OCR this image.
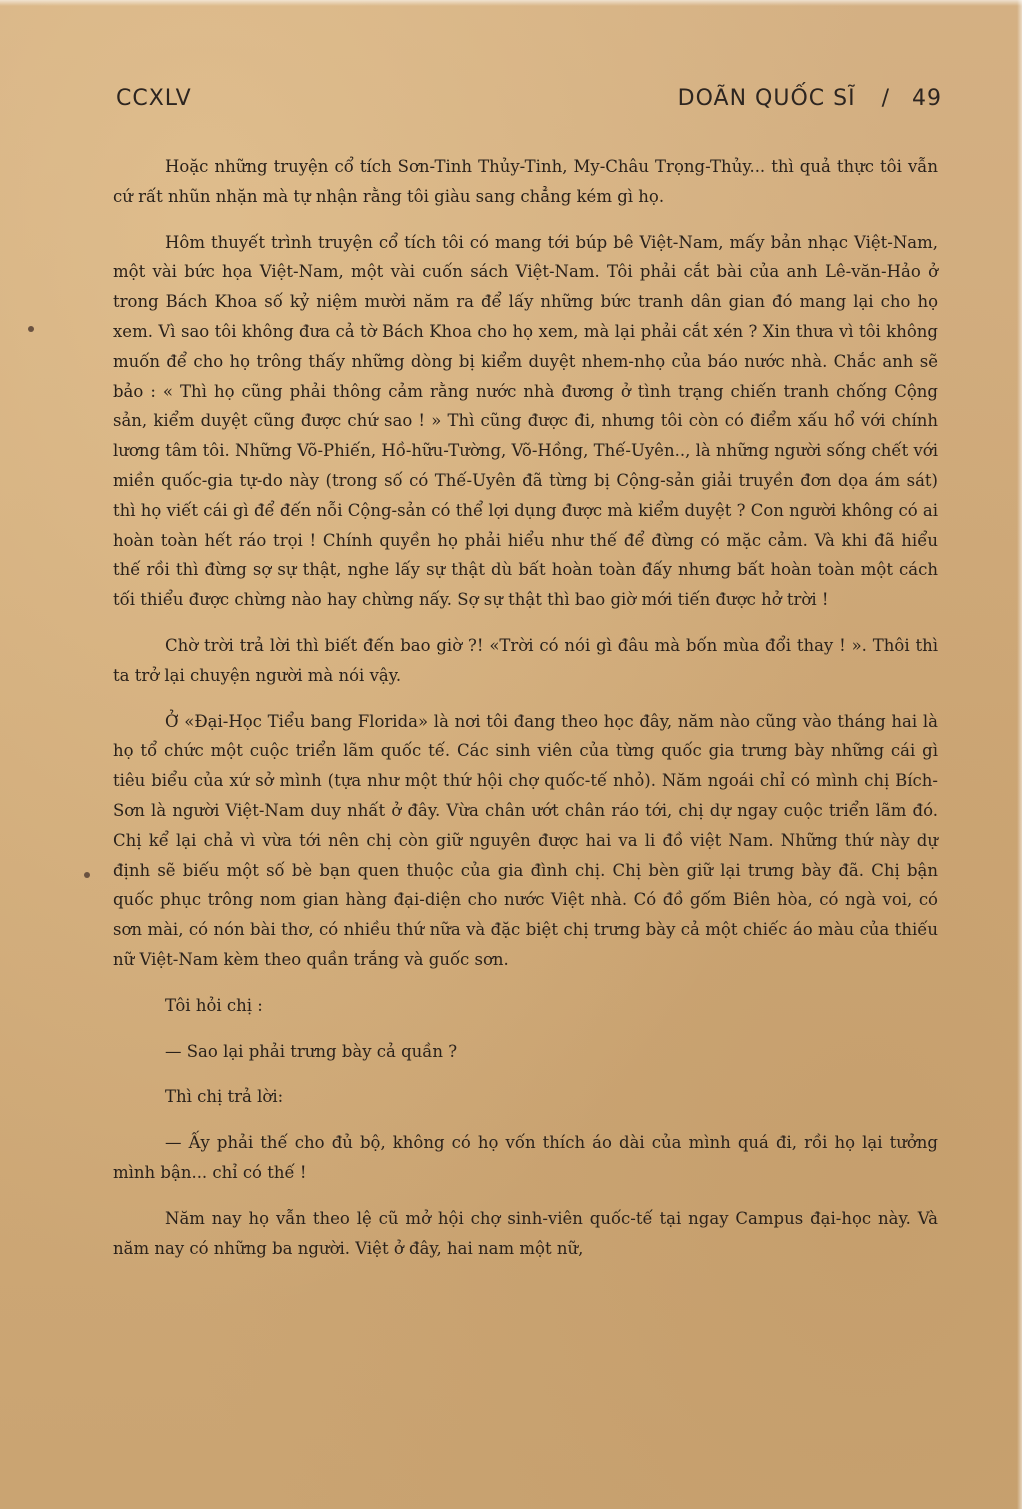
CCXLV	DOÃN QUỐC SĨ / 49

Hoặc những truyện cổ tích Sơn-Tinh Thủy-Tinh, My-Châu Trọng-Thủy... thì quả thực tôi vẫn cứ rất nhũn nhặn mà tự nhận rằng tôi giàu sang chẳng kém gì họ.

Hôm thuyết trình truyện cổ tích tôi có mang tới búp bê Việt-Nam, mấy bản nhạc Việt-Nam, một vài bức họa Việt-Nam, một vài cuốn sách Việt-Nam. Tôi phải cắt bài của anh Lê-văn-Hảo ở trong Bách Khoa số kỷ niệm mười năm ra để lấy những bức tranh dân gian đó mang lại cho họ xem. Vì sao tôi không đưa cả tờ Bách Khoa cho họ xem, mà lại phải cắt xén ? Xin thưa vì tôi không muốn để cho họ trông thấy những dòng bị kiểm duyệt nhem-nhọ của báo nước nhà. Chắc anh sẽ bảo : « Thì họ cũng phải thông cảm rằng nước nhà đương ở tình trạng chiến tranh chống Cộng sản, kiểm duyệt cũng được chứ sao ! » Thì cũng được đi, nhưng tôi còn có điểm xấu hổ với chính lương tâm tôi. Những Võ-Phiến, Hồ-hữu-Tường, Võ-Hồng, Thế-Uyên.., là những người sống chết với miền quốc-gia tự-do này (trong số có Thế-Uyên đã từng bị Cộng-sản giải truyền đơn dọa ám sát) thì họ viết cái gì để đến nỗi Cộng-sản có thể lợi dụng được mà kiểm duyệt ? Con người không có ai hoàn toàn hết ráo trọi ! Chính quyền họ phải hiểu như thế để đừng có mặc cảm. Và khi đã hiểu thế rồi thì đừng sợ sự thật, nghe lấy sự thật dù bất hoàn toàn đấy nhưng bất hoàn toàn một cách tối thiểu được chừng nào hay chừng nấy. Sợ sự thật thì bao giờ mới tiến được hở trời !

Chờ trời trả lời thì biết đến bao giờ ?! «Trời có nói gì đâu mà bốn mùa đổi thay ! ». Thôi thì ta trở lại chuyện người mà nói vậy.

Ở «Đại-Học Tiểu bang Florida» là nơi tôi đang theo học đây, năm nào cũng vào tháng hai là họ tổ chức một cuộc triển lãm quốc tế. Các sinh viên của từng quốc gia trưng bày những cái gì tiêu biểu của xứ sở mình (tựa như một thứ hội chợ quốc-tế nhỏ). Năm ngoái chỉ có mình chị Bích-Sơn là người Việt-Nam duy nhất ở đây. Vừa chân ướt chân ráo tới, chị dự ngay cuộc triển lãm đó. Chị kể lại chả vì vừa tới nên chị còn giữ nguyên được hai va li đồ việt Nam. Những thứ này dự định sẽ biếu một số bè bạn quen thuộc của gia đình chị. Chị bèn giữ lại trưng bày đã. Chị bận quốc phục trông nom gian hàng đại-diện cho nước Việt nhà. Có đồ gốm Biên hòa, có ngà voi, có sơn mài, có nón bài thơ, có nhiều thứ nữa và đặc biệt chị trưng bày cả một chiếc áo màu của thiếu nữ Việt-Nam kèm theo quần trắng và guốc sơn.

Tôi hỏi chị :

— Sao lại phải trưng bày cả quần ?

Thì chị trả lời:

— Ấy phải thế cho đủ bộ, không có họ vốn thích áo dài của mình quá đi, rồi họ lại tưởng mình bận... chỉ có thế !

Năm nay họ vẫn theo lệ cũ mở hội chợ sinh-viên quốc-tế tại ngay Campus đại-học này. Và năm nay có những ba người. Việt ở đây, hai nam một nữ,
